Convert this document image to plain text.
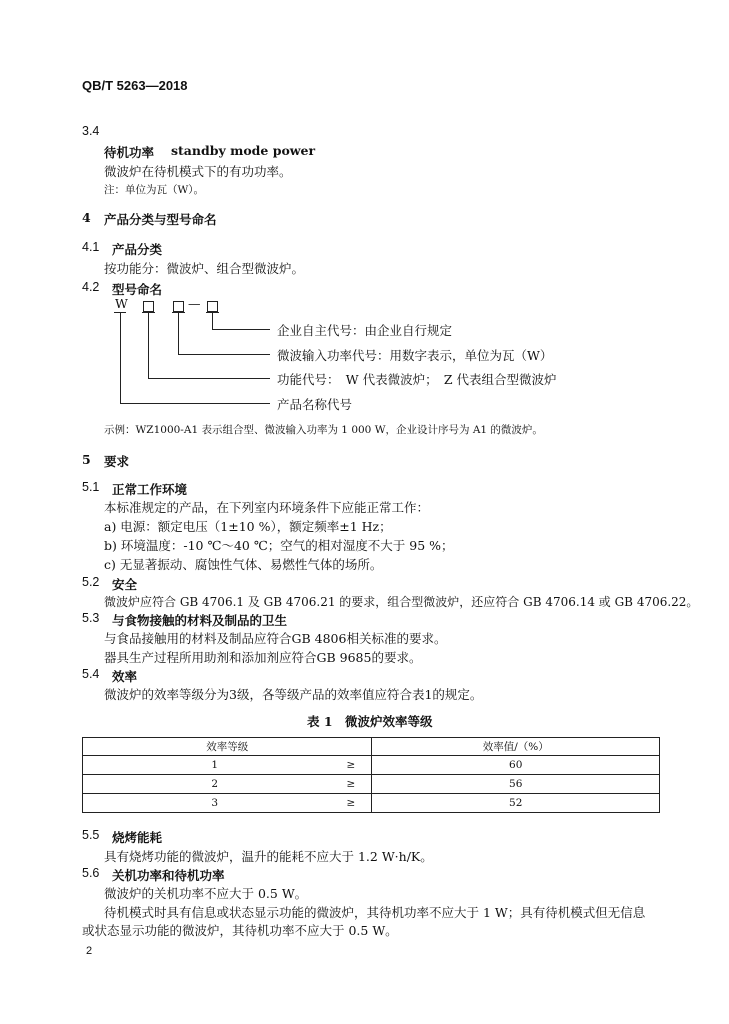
QB/T 5263—2018
3.4
待机功率 standby mode power
微波炉在待机模式下的有功功率。
注：单位为瓦（W）。
4 产品分类与型号命名
4.1 产品分类
按功能分：微波炉、组合型微波炉。
4.2 型号命名
W	—
企业自主代号：由企业自行规定
微波输入功率代号：用数字表示，单位为瓦（W）
功能代号：　W 代表微波炉；　Z 代表组合型微波炉
产品名称代号
示例：WZ1000-A1 表示组合型、微波输入功率为 1 000 W，企业设计序号为 A1 的微波炉。
5 要求
5.1 正常工作环境
本标准规定的产品，在下列室内环境条件下应能正常工作：
a) 电源：额定电压（1±10 %），额定频率±1 Hz；
b) 环境温度：-10 ℃～40 ℃；空气的相对湿度不大于 95 %；
c) 无显著振动、腐蚀性气体、易燃性气体的场所。
5.2 安全
微波炉应符合 GB 4706.1 及 GB 4706.21 的要求，组合型微波炉，还应符合 GB 4706.14 或 GB 4706.22。
5.3 与食物接触的材料及制品的卫生
与食品接触用的材料及制品应符合GB 4806相关标准的要求。
器具生产过程所用助剂和添加剂应符合GB 9685的要求。
5.4 效率
微波炉的效率等级分为3级，各等级产品的效率值应符合表1的规定。
表 1　微波炉效率等级
效率等级		效率值/（%）
1	≥	60
2	≥	56
3	≥	52
5.5 烧烤能耗
具有烧烤功能的微波炉，温升的能耗不应大于 1.2 W·h/K。
5.6 关机功率和待机功率
微波炉的关机功率不应大于 0.5 W。
待机模式时具有信息或状态显示功能的微波炉，其待机功率不应大于 1 W；具有待机模式但无信息
或状态显示功能的微波炉，其待机功率不应大于 0.5 W。
2
